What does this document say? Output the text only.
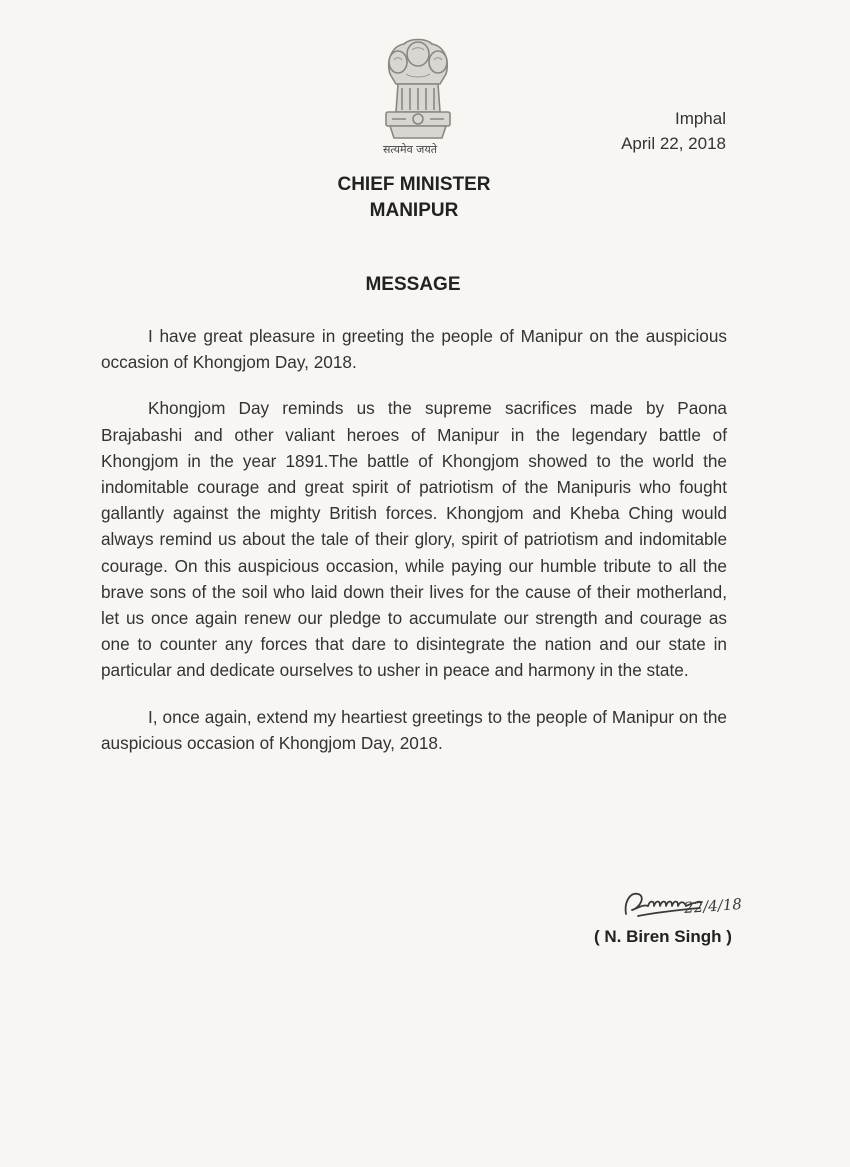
सत्यमेव जयते
Imphal
April 22, 2018
CHIEF MINISTER
MANIPUR
MESSAGE

I have great pleasure in greeting the people of Manipur on the auspicious occasion of Khongjom Day, 2018.

Khongjom Day reminds us the supreme sacrifices made by Paona Brajabashi and other valiant heroes of Manipur in the legendary battle of Khongjom in the year 1891.The battle of Khongjom showed to the world the indomitable courage and great spirit of patriotism of the Manipuris who fought gallantly against the mighty British forces. Khongjom and Kheba Ching would always remind us about the tale of their glory, spirit of patriotism and indomitable courage. On this auspicious occasion, while paying our humble tribute to all the brave sons of the soil who laid down their lives for the cause of their motherland, let us once again renew our pledge to accumulate our strength and courage as one to counter any forces that dare to disintegrate the nation and our state in particular and dedicate ourselves to usher in peace and harmony in the state.

I, once again, extend my heartiest greetings to the people of Manipur on the auspicious occasion of Khongjom Day, 2018.

22/4/18
( N. Biren Singh )
